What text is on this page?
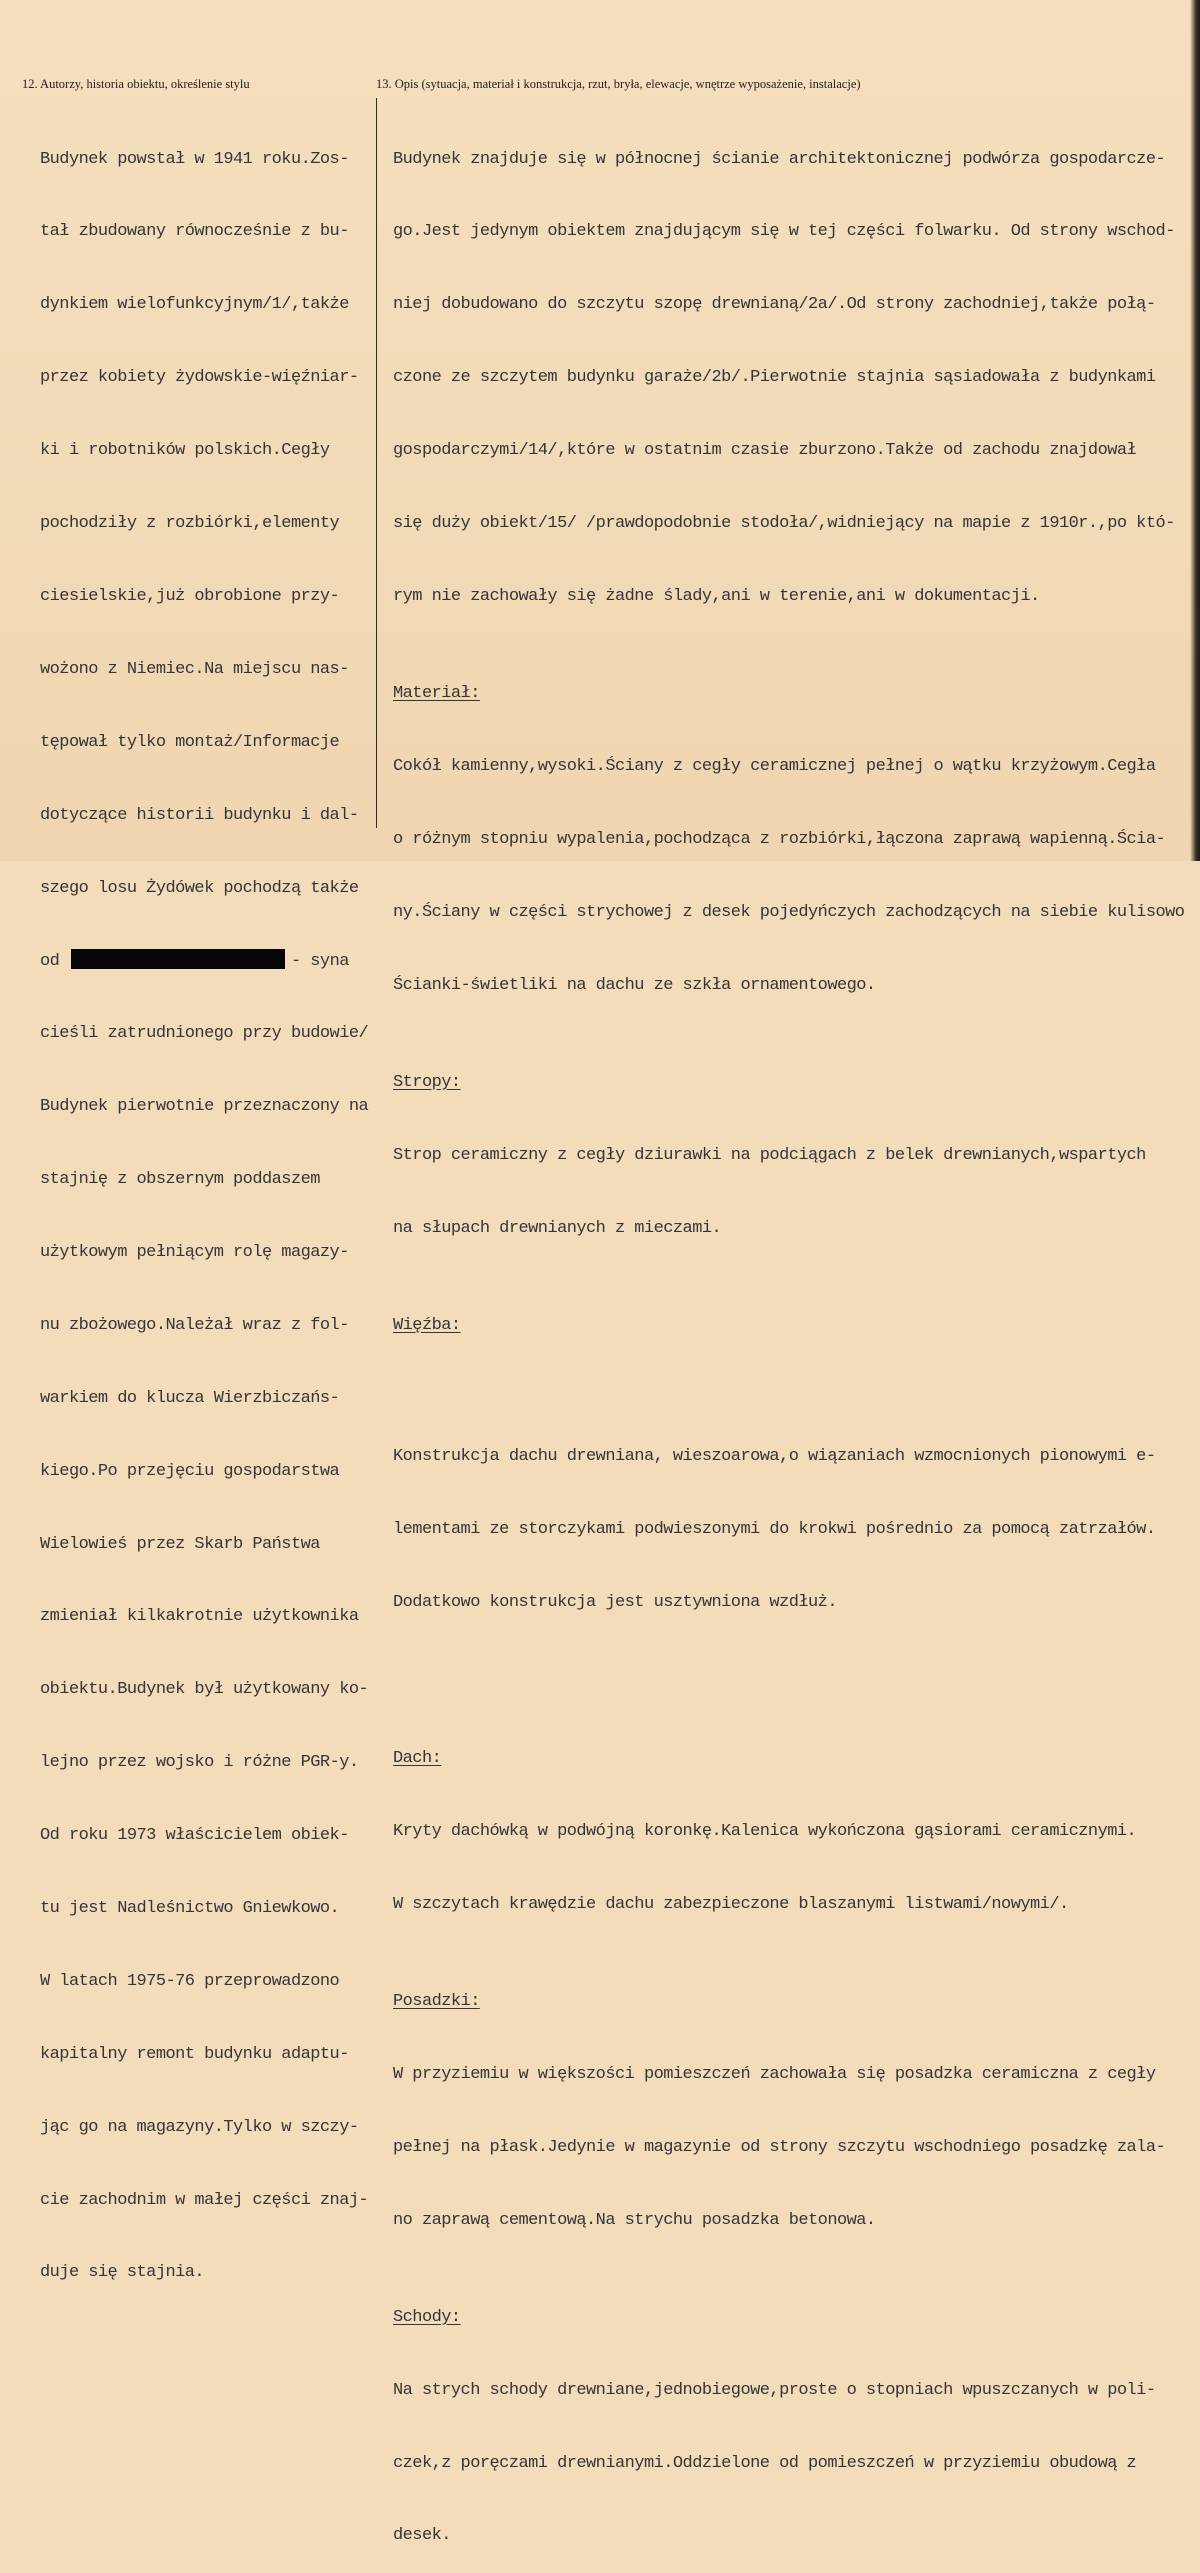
12. Autorzy, historia obiektu, określenie stylu	13. Opis (sytuacja, materiał i konstrukcja, rzut, bryła, elewacje, wnętrze wyposażenie, instalacje)

Budynek powstał w 1941 roku.Zos-

tał zbudowany równocześnie z bu-

dynkiem wielofunkcyjnym/1/,także

przez kobiety żydowskie-więźniar-

ki i robotników polskich.Cegły

pochodziły z rozbiórki,elementy

ciesielskie,już obrobione przy-

wożono z Niemiec.Na miejscu nas-

tępował tylko montaż/Informacje

dotyczące historii budynku i dal-

szego losu Żydówek pochodzą także

od	- syna

cieśli zatrudnionego przy budowie/

Budynek pierwotnie przeznaczony na

stajnię z obszernym poddaszem

użytkowym pełniącym rolę magazy-

nu zbożowego.Należał wraz z fol-

warkiem do klucza Wierzbiczańs-

kiego.Po przejęciu gospodarstwa

Wielowieś przez Skarb Państwa

zmieniał kilkakrotnie użytkownika

obiektu.Budynek był użytkowany ko-

lejno przez wojsko i różne PGR-y.

Od roku 1973 właścicielem obiek-

tu jest Nadleśnictwo Gniewkowo.

W latach 1975-76 przeprowadzono

kapitalny remont budynku adaptu-

jąc go na magazyny.Tylko w szczy-

cie zachodnim w małej części znaj-

duje się stajnia.

Budynek znajduje się w północnej ścianie architektonicznej podwórza gospodarcze-

go.Jest jedynym obiektem znajdującym się w tej części folwarku. Od strony wschod-

niej dobudowano do szczytu szopę drewnianą/2a/.Od strony zachodniej,także połą-

czone ze szczytem budynku garaże/2b/.Pierwotnie stajnia sąsiadowała z budynkami

gospodarczymi/14/,które w ostatnim czasie zburzono.Także od zachodu znajdował

się duży obiekt/15/ /prawdopodobnie stodoła/,widniejący na mapie z 1910r.,po któ-

rym nie zachowały się żadne ślady,ani w terenie,ani w dokumentacji.

Materiał:

Cokół kamienny,wysoki.Ściany z cegły ceramicznej pełnej o wątku krzyżowym.Cegła

o różnym stopniu wypalenia,pochodząca z rozbiórki,łączona zaprawą wapienną.Ścia-

ny.Ściany w części strychowej z desek pojedyńczych zachodzących na siebie kulisowo

Ścianki-świetliki na dachu ze szkła ornamentowego.

Stropy:

Strop ceramiczny z cegły dziurawki na podciągach z belek drewnianych,wspartych

na słupach drewnianych z mieczami.

Więźba:

Konstrukcja dachu drewniana, wieszoarowa,o wiązaniach wzmocnionych pionowymi e-

lementami ze storczykami podwieszonymi do krokwi pośrednio za pomocą zatrzałów.

Dodatkowo konstrukcja jest usztywniona wzdłuż.

Dach:

Kryty dachówką w podwójną koronkę.Kalenica wykończona gąsiorami ceramicznymi.

W szczytach krawędzie dachu zabezpieczone blaszanymi listwami/nowymi/.

Posadzki:

W przyziemiu w większości pomieszczeń zachowała się posadzka ceramiczna z cegły

pełnej na płask.Jedynie w magazynie od strony szczytu wschodniego posadzkę zala-

no zaprawą cementową.Na strychu posadzka betonowa.

Schody:

Na strych schody drewniane,jednobiegowe,proste o stopniach wpuszczanych w poli-

czek,z poręczami drewnianymi.Oddzielone od pomieszczeń w przyziemiu obudową z

desek.
